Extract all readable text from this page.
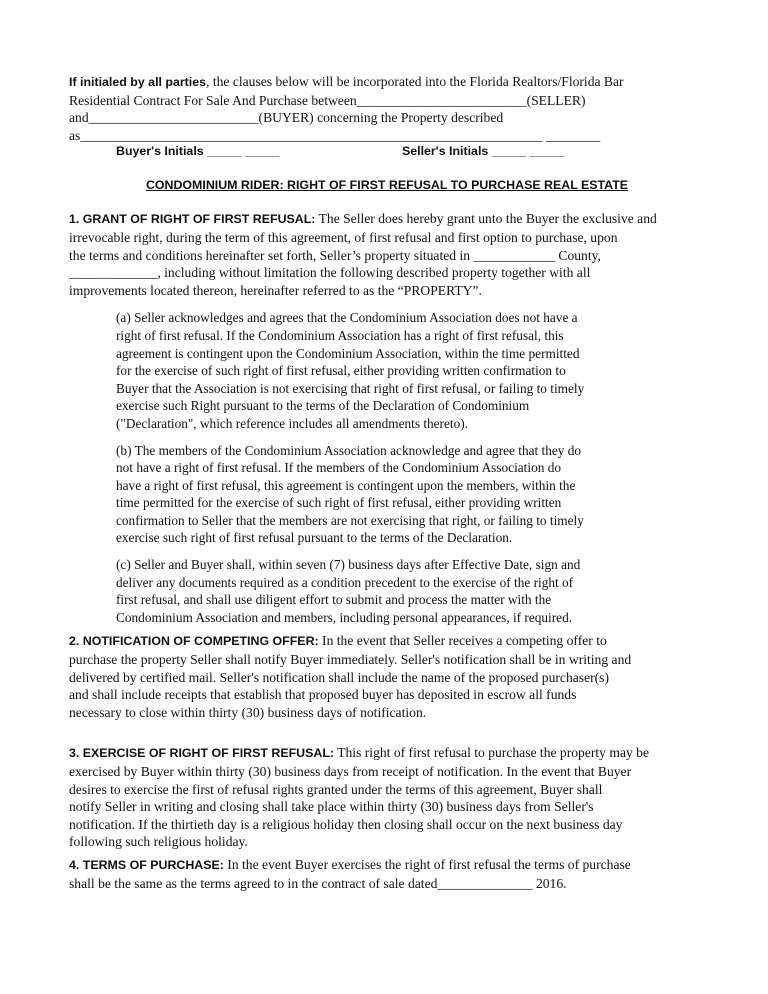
If initialed by all parties, the clauses below will be incorporated into the Florida Realtors/Florida Bar
Residential Contract For Sale And Purchase between_________________________(SELLER)
and_________________________(BUYER) concerning the Property described
as____________________________________________________________________ ________

Buyer's Initials _____ _____	Seller's Initials _____ _____
CONDOMINIUM RIDER: RIGHT OF FIRST REFUSAL TO PURCHASE REAL ESTATE

1. GRANT OF RIGHT OF FIRST REFUSAL: The Seller does hereby grant unto the Buyer the exclusive and
irrevocable right, during the term of this agreement, of first refusal and first option to purchase, upon
the terms and conditions hereinafter set forth, Seller’s property situated in ____________ County,
_____________, including without limitation the following described property together with all
improvements located thereon, hereinafter referred to as the “PROPERTY”.

(a) Seller acknowledges and agrees that the Condominium Association does not have a
right of first refusal. If the Condominium Association has a right of first refusal, this
agreement is contingent upon the Condominium Association, within the time permitted
for the exercise of such right of first refusal, either providing written confirmation to
Buyer that the Association is not exercising that right of first refusal, or failing to timely
exercise such Right pursuant to the terms of the Declaration of Condominium
("Declaration", which reference includes all amendments thereto).

(b) The members of the Condominium Association acknowledge and agree that they do
not have a right of first refusal. If the members of the Condominium Association do
have a right of first refusal, this agreement is contingent upon the members, within the
time permitted for the exercise of such right of first refusal, either providing written
confirmation to Seller that the members are not exercising that right, or failing to timely
exercise such right of first refusal pursuant to the terms of the Declaration.

(c) Seller and Buyer shall, within seven (7) business days after Effective Date, sign and
deliver any documents required as a condition precedent to the exercise of the right of
first refusal, and shall use diligent effort to submit and process the matter with the
Condominium Association and members, including personal appearances, if required.

2. NOTIFICATION OF COMPETING OFFER: In the event that Seller receives a competing offer to
purchase the property Seller shall notify Buyer immediately. Seller's notification shall be in writing and
delivered by certified mail. Seller's notification shall include the name of the proposed purchaser(s)
and shall include receipts that establish that proposed buyer has deposited in escrow all funds
necessary to close within thirty (30) business days of notification.

3. EXERCISE OF RIGHT OF FIRST REFUSAL: This right of first refusal to purchase the property may be
exercised by Buyer within thirty (30) business days from receipt of notification. In the event that Buyer
desires to exercise the first of refusal rights granted under the terms of this agreement, Buyer shall
notify Seller in writing and closing shall take place within thirty (30) business days from Seller's
notification. If the thirtieth day is a religious holiday then closing shall occur on the next business day
following such religious holiday.

4. TERMS OF PURCHASE: In the event Buyer exercises the right of first refusal the terms of purchase
shall be the same as the terms agreed to in the contract of sale dated______________ 2016.
